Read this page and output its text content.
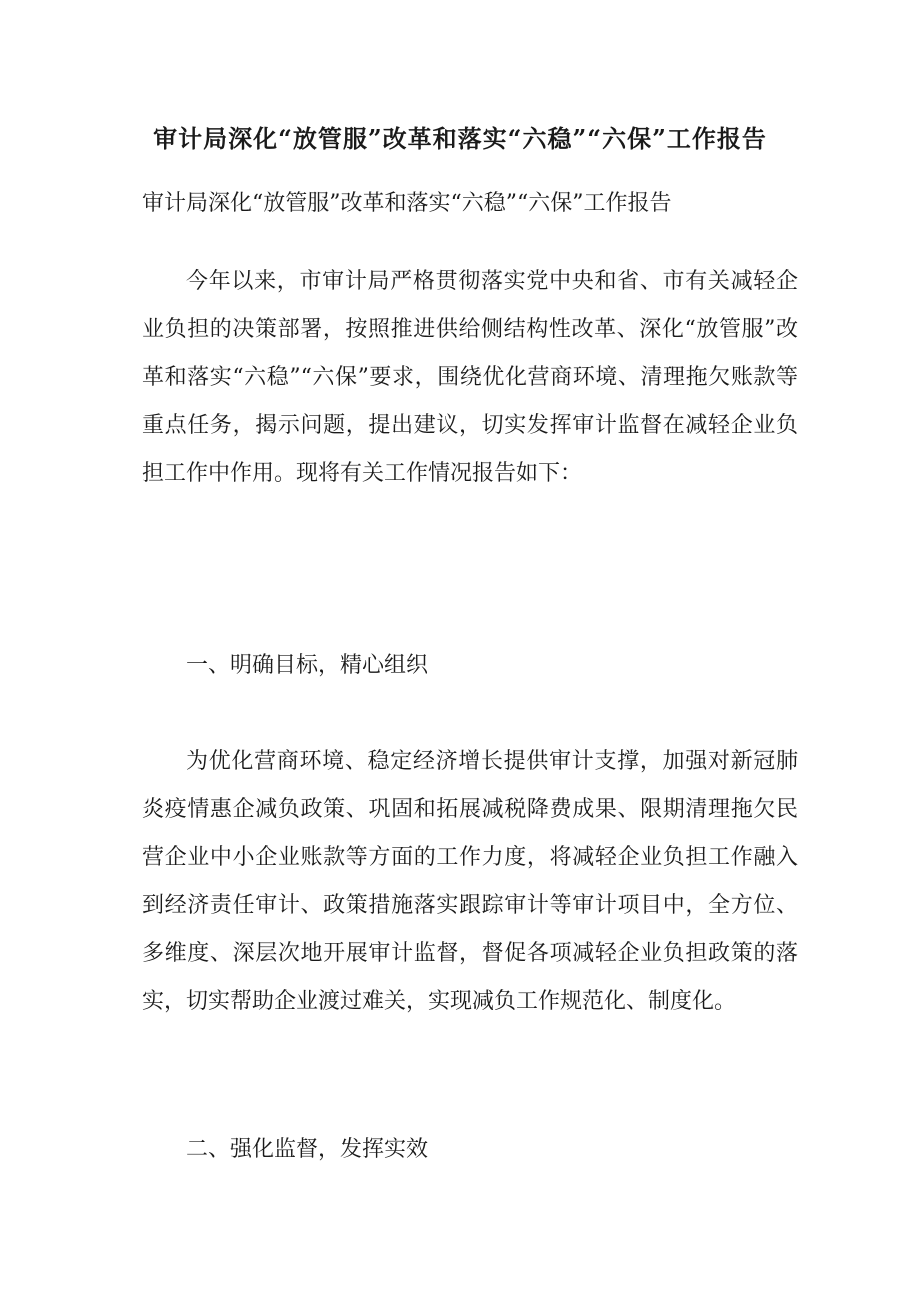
审计局深化“放管服”改革和落实“六稳”“六保”工作报告

审计局深化“放管服”改革和落实“六稳”“六保”工作报告

今年以来，市审计局严格贯彻落实党中央和省、市有关减轻企业负担的决策部署，按照推进供给侧结构性改革、深化“放管服”改革和落实“六稳”“六保”要求，围绕优化营商环境、清理拖欠账款等重点任务，揭示问题，提出建议，切实发挥审计监督在减轻企业负担工作中作用。现将有关工作情况报告如下：

一、明确目标，精心组织

为优化营商环境、稳定经济增长提供审计支撑，加强对新冠肺炎疫情惠企减负政策、巩固和拓展减税降费成果、限期清理拖欠民营企业中小企业账款等方面的工作力度，将减轻企业负担工作融入到经济责任审计、政策措施落实跟踪审计等审计项目中，全方位、多维度、深层次地开展审计监督，督促各项减轻企业负担政策的落实，切实帮助企业渡过难关，实现减负工作规范化、制度化。

二、强化监督，发挥实效
